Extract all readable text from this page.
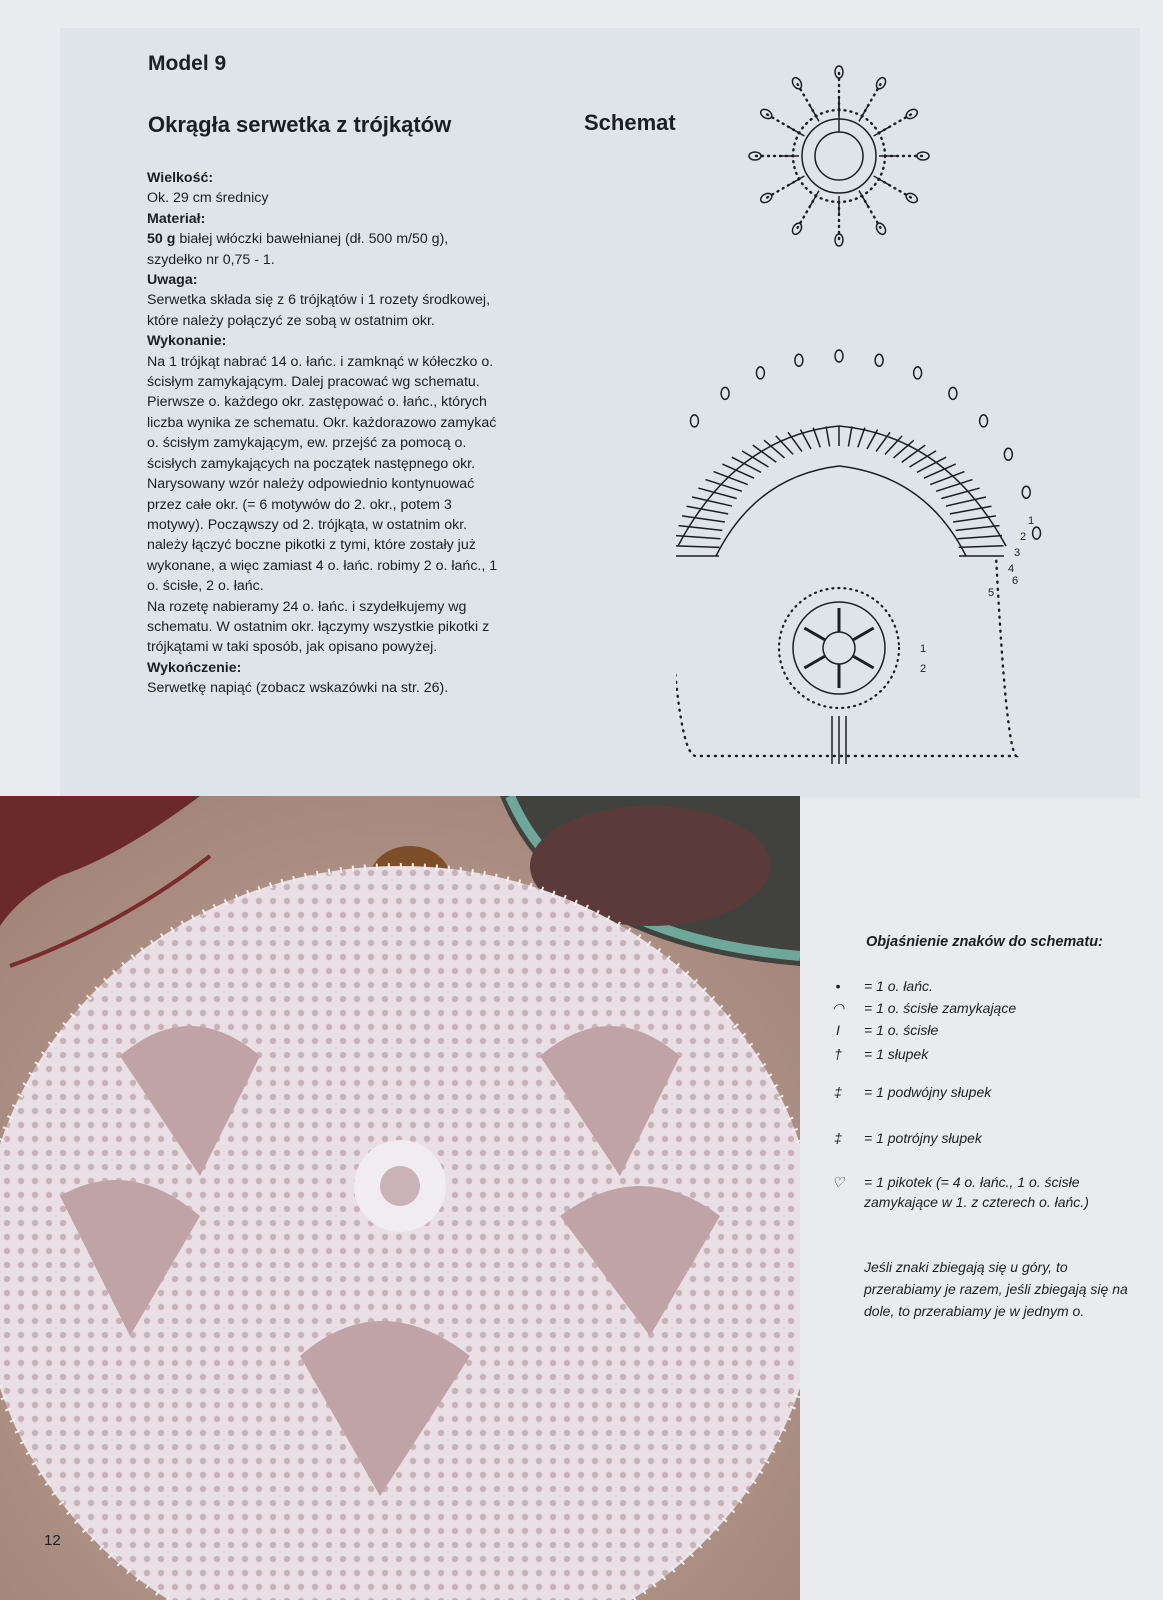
Model 9
Okrągła serwetka z trójkątów	Schemat
Wielkość:

Ok. 29 cm średnicy

Materiał:

50 g białej włóczki bawełnianej (dł. 500 m/50 g), szydełko nr 0,75 - 1.

Uwaga:

Serwetka składa się z 6 trójkątów i 1 rozety środkowej, które należy połączyć ze sobą w ostatnim okr.

Wykonanie:

Na 1 trójkąt nabrać 14 o. łańc. i zamknąć w kółeczko o. ścisłym zamykającym. Dalej pracować wg schematu. Pierwsze o. każdego okr. zastępować o. łańc., których liczba wynika ze schematu. Okr. każdorazowo zamykać o. ścisłym zamykającym, ew. przejść za pomocą o. ścisłych zamykających na początek następnego okr. Narysowany wzór należy odpowiednio kontynuować przez całe okr. (= 6 motywów do 2. okr., potem 3 motywy). Począwszy od 2. trójkąta, w ostatnim okr. należy łączyć boczne pikotki z tymi, które zostały już wykonane, a więc zamiast 4 o. łańc. robimy 2 o. łańc., 1 o. ścisłe, 2 o. łańc.

Na rozetę nabieramy 24 o. łańc. i szydełkujemy wg schematu. W ostatnim okr. łączymy wszystkie pikotki z trójkątami w taki sposób, jak opisano powyżej.

Wykończenie:

Serwetkę napiąć (zobacz wskazówki na str. 26).

1
2
3
4
5
6
1
2
Objaśnienie znaków do schematu:
•	= 1 o. łańc.
◠ = 1 o. ścisłe zamykające
I	= 1 o. ścisłe
†	= 1 słupek
‡	= 1 podwójny słupek
‡	= 1 potrójny słupek
♡ = 1 pikotek (= 4 o. łańc., 1 o. ścisłe zamykające w 1. z czterech o. łańc.)
Jeśli znaki zbiegają się u góry, to przerabiamy je razem, jeśli zbiegają się na dole, to przerabiamy je w jednym o.
12
